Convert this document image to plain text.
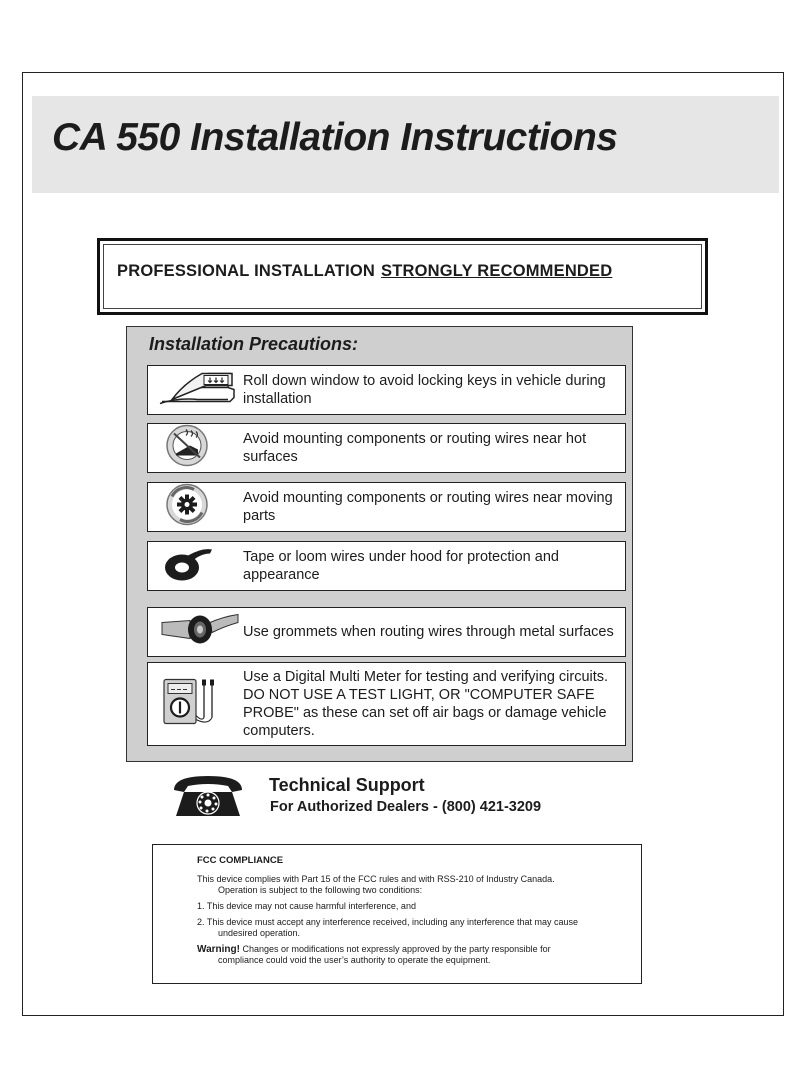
CA 550 Installation Instructions
PROFESSIONAL INSTALLATION STRONGLY RECOMMENDED
Installation Precautions:
Roll down window to avoid locking keys in vehicle during installation
Avoid mounting components or routing wires near hot surfaces
Avoid mounting components or routing wires near moving parts
Tape or loom wires under hood for protection and appearance
Use grommets when routing wires through metal surfaces
Use a Digital Multi Meter for testing and verifying circuits. DO NOT USE A TEST LIGHT, OR "COMPUTER SAFE PROBE" as these can set off air bags or damage vehicle computers.
Technical Support
For Authorized Dealers - (800) 421-3209
FCC COMPLIANCE

This device complies with Part 15 of the FCC rules and with RSS-210 of Industry Canada.
Operation is subject to the following two conditions:

1. This device may not cause harmful interference, and

2. This device must accept any interference received, including any interference that may cause
undesired operation.

Warning! Changes or modifications not expressly approved by the party responsible for
compliance could void the user’s authority to operate the equipment.
